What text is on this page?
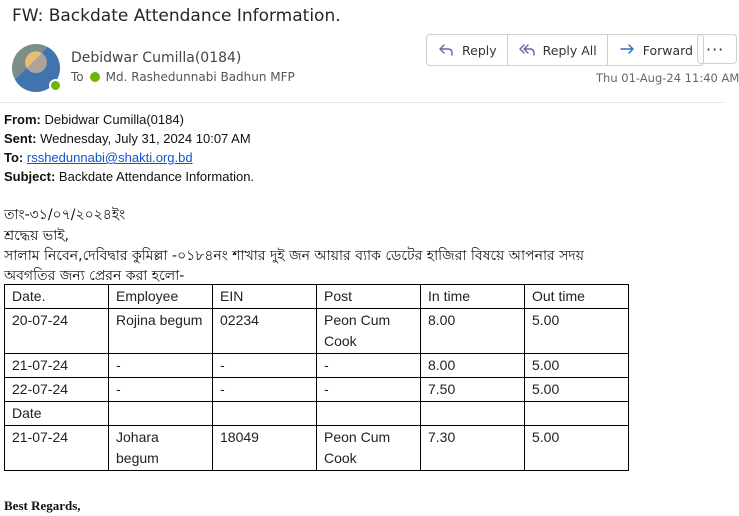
FW: Backdate Attendance Information.
Debidwar Cumilla(0184)
To Md. Rashedunnabi Badhun MFP
Reply	Reply All	Forward ···
Thu 01-Aug-24 11:40 AM
From: Debidwar Cumilla(0184)
Sent: Wednesday, July 31, 2024 10:07 AM
To: rsshedunnabi@shakti.org.bd
Subject: Backdate Attendance Information.
তাং-৩১/০৭/২০২৪ইং
শ্রদ্ধেয় ভাই,
সালাম নিবেন,দেবিদ্বার কুমিল্লা -০১৮৪নং শাখার দুই জন আয়ার ব্যাক ডেটের হাজিরা বিষয়ে আপনার সদয়
অবগতির জন্য প্রেরন করা হলো-
Date.	Employee	EIN	Post	In time	Out time
20-07-24	Rojina begum	02234	Peon Cum Cook	8.00	5.00
21-07-24	-	-	-	8.00	5.00
22-07-24	-	-	-	7.50	5.00
Date					
21-07-24	Johara begum	18049	Peon Cum Cook	7.30	5.00
Best Regards,
